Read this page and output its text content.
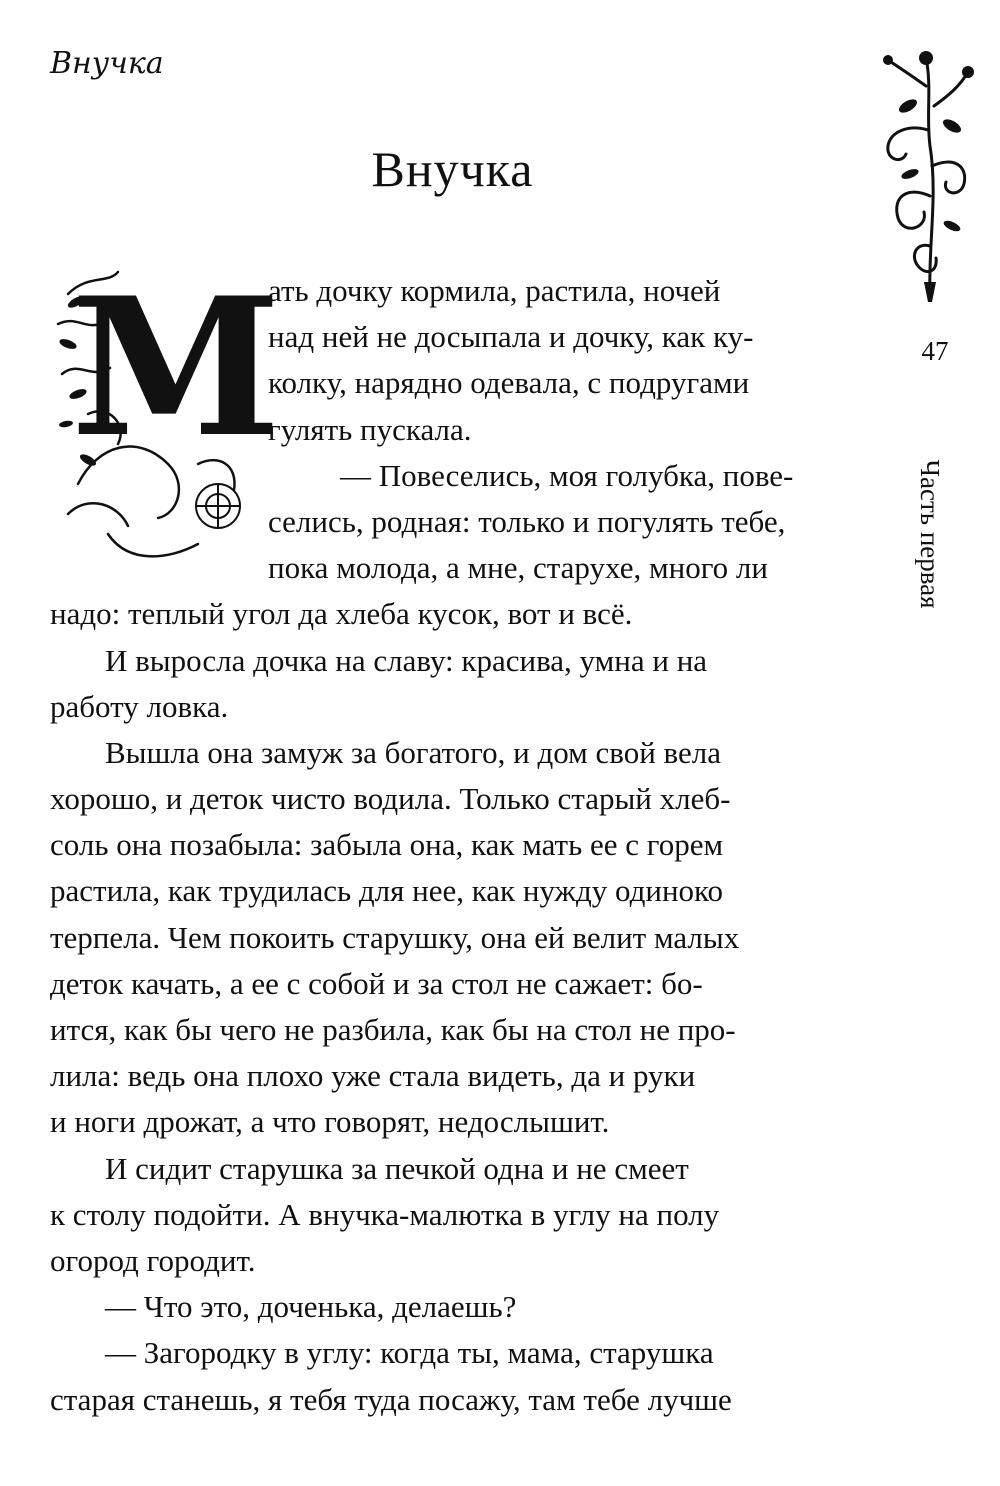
Внучка
Внучка
47
Часть первая
М
ать дочку кормила, растила, ночей
над ней не досыпала и дочку, как ку-
колку, нарядно одевала, с подругами
гулять пускала.
— Повеселись, моя голубка, пове-
селись, родная: только и погулять тебе,
пока молода, а мне, старухе, много ли
надо: теплый угол да хлеба кусок, вот и всё.
И выросла дочка на славу: красива, умна и на
работу ловка.
Вышла она замуж за богатого, и дом свой вела
хорошо, и деток чисто водила. Только старый хлеб-
соль она позабыла: забыла она, как мать ее с горем
растила, как трудилась для нее, как нужду одиноко
терпела. Чем покоить старушку, она ей велит малых
деток качать, а ее с собой и за стол не сажает: бо-
ится, как бы чего не разбила, как бы на стол не про-
лила: ведь она плохо уже стала видеть, да и руки
и ноги дрожат, а что говорят, недослышит.
И сидит старушка за печкой одна и не смеет
к столу подойти. А внучка-малютка в углу на полу
огород городит.
— Что это, доченька, делаешь?
— Загородку в углу: когда ты, мама, старушка
старая станешь, я тебя туда посажу, там тебе лучше
